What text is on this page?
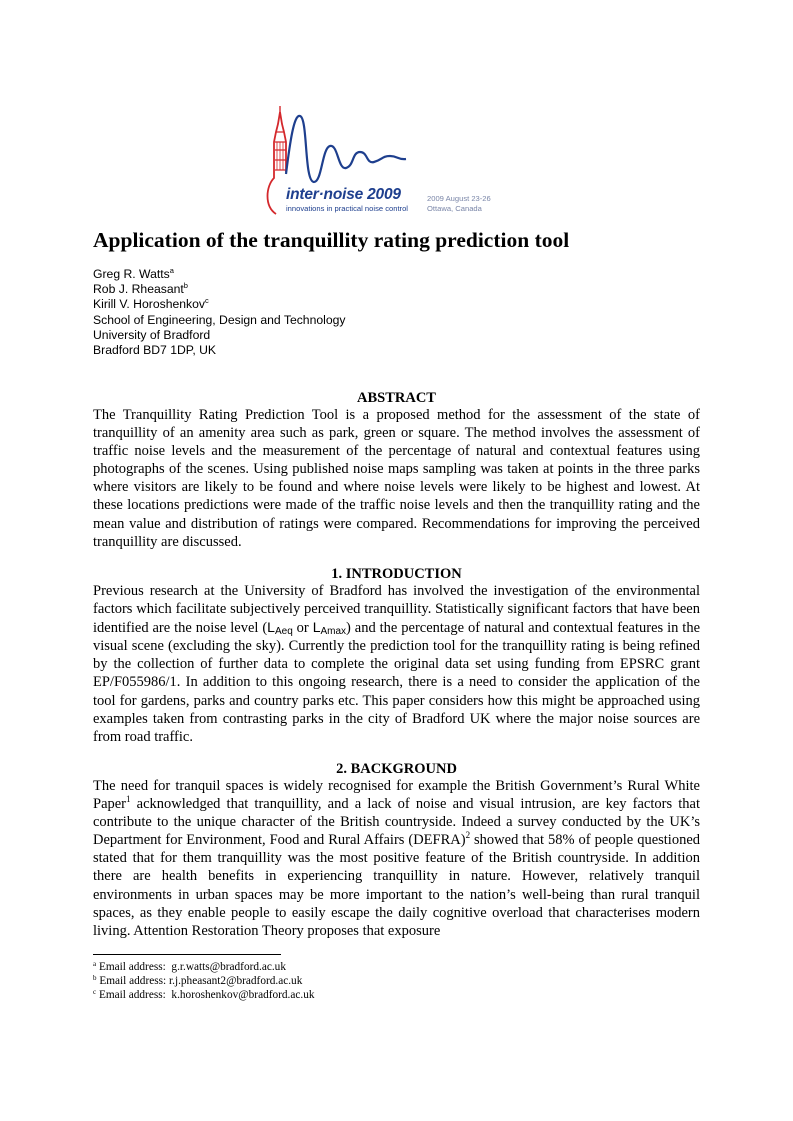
inter·noise 2009
innovations in practical noise control
2009 August 23-26
Ottawa, Canada
Application of the tranquillity rating prediction tool
Greg R. Watts$^a$
Rob J. Rheasant$^b$
Kirill V. Horoshenkov$^c$
School of Engineering, Design and Technology
University of Bradford
Bradford BD7 1DP, UK
ABSTRACT

The Tranquillity Rating Prediction Tool is a proposed method for the assessment of the state of tranquillity of an amenity area such as park, green or square. The method involves the assessment of traffic noise levels and the measurement of the percentage of natural and contextual features using photographs of the scenes. Using published noise maps sampling was taken at points in the three parks where visitors are likely to be found and where noise levels were likely to be highest and lowest. At these locations predictions were made of the traffic noise levels and then the tranquillity rating and the mean value and distribution of ratings were compared. Recommendations for improving the perceived tranquillity are discussed.

1. INTRODUCTION

Previous research at the University of Bradford has involved the investigation of the environmental factors which facilitate subjectively perceived tranquillity. Statistically significant factors that have been identified are the noise level ($L_{Aeq}$ or $L_{Amax}$) and the percentage of natural and contextual features in the visual scene (excluding the sky). Currently the prediction tool for the tranquillity rating is being refined by the collection of further data to complete the original data set using funding from EPSRC grant EP/F055986/1. In addition to this ongoing research, there is a need to consider the application of the tool for gardens, parks and country parks etc. This paper considers how this might be approached using examples taken from contrasting parks in the city of Bradford UK where the major noise sources are from road traffic.

2. BACKGROUND

The need for tranquil spaces is widely recognised for example the British Government’s Rural White Paper$^1$ acknowledged that tranquillity, and a lack of noise and visual intrusion, are key factors that contribute to the unique character of the British countryside. Indeed a survey conducted by the UK’s Department for Environment, Food and Rural Affairs (DEFRA)$^2$ showed that 58% of people questioned stated that for them tranquillity was the most positive feature of the British countryside. In addition there are health benefits in experiencing tranquillity in nature. However, relatively tranquil environments in urban spaces may be more important to the nation’s well-being than rural tranquil spaces, as they enable people to easily escape the daily cognitive overload that characterises modern living. Attention Restoration Theory proposes that exposure

$^a$ Email address: g.r.watts@bradford.ac.uk
$^b$ Email address: r.j.pheasant2@bradford.ac.uk
$^c$ Email address: k.horoshenkov@bradford.ac.uk
